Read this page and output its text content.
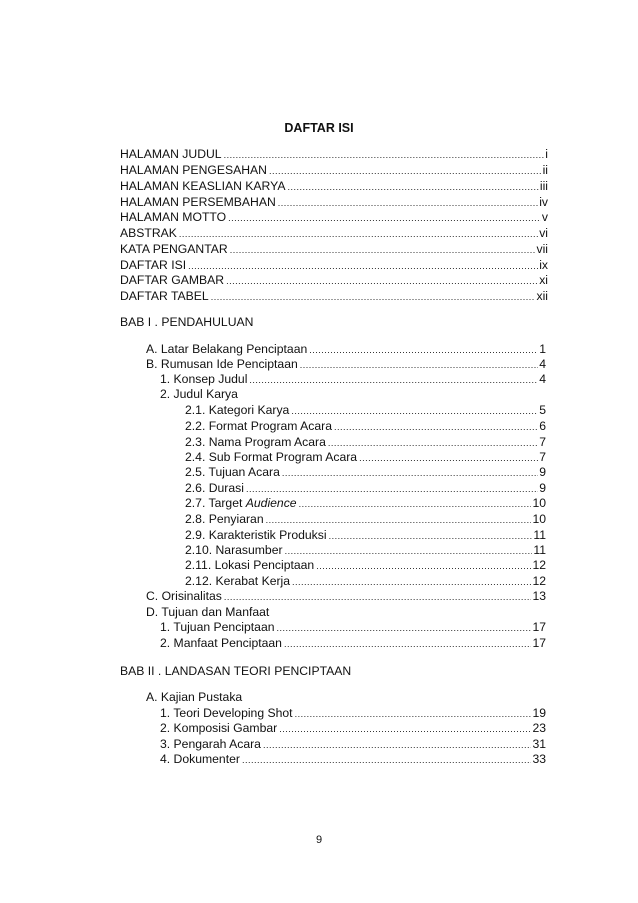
DAFTAR ISI
HALAMAN JUDUL .....	i
HALAMAN PENGESAHAN .....	ii
HALAMAN KEASLIAN KARYA .....	iii
HALAMAN PERSEMBAHAN .....	iv
HALAMAN MOTTO .....	v
ABSTRAK .....	vi
KATA PENGANTAR .....	vii
DAFTAR ISI .....	ix
DAFTAR GAMBAR .....	xi
DAFTAR TABEL .....	xii
BAB I . PENDAHULUAN
A. Latar Belakang Penciptaan .....	1
B. Rumusan Ide Penciptaan .....	4
1. Konsep Judul .....	4
2. Judul Karya
2.1. Kategori Karya .....	5
2.2. Format Program Acara .....	6
2.3. Nama Program Acara .....	7
2.4. Sub Format Program Acara .....	7
2.5. Tujuan Acara .....	9
2.6. Durasi .....	9
2.7. Target Audience .....	10
2.8. Penyiaran .....	10
2.9. Karakteristik Produksi .....	11
2.10. Narasumber .....	11
2.11. Lokasi Penciptaan .....	12
2.12. Kerabat Kerja .....	12
C. Orisinalitas .....	13
D. Tujuan dan Manfaat
1. Tujuan Penciptaan .....	17
2. Manfaat Penciptaan .....	17
BAB II . LANDASAN TEORI PENCIPTAAN
A. Kajian Pustaka
1. Teori Developing Shot .....	19
2. Komposisi Gambar .....	23
3. Pengarah Acara .....	31
4. Dokumenter .....	33
9
